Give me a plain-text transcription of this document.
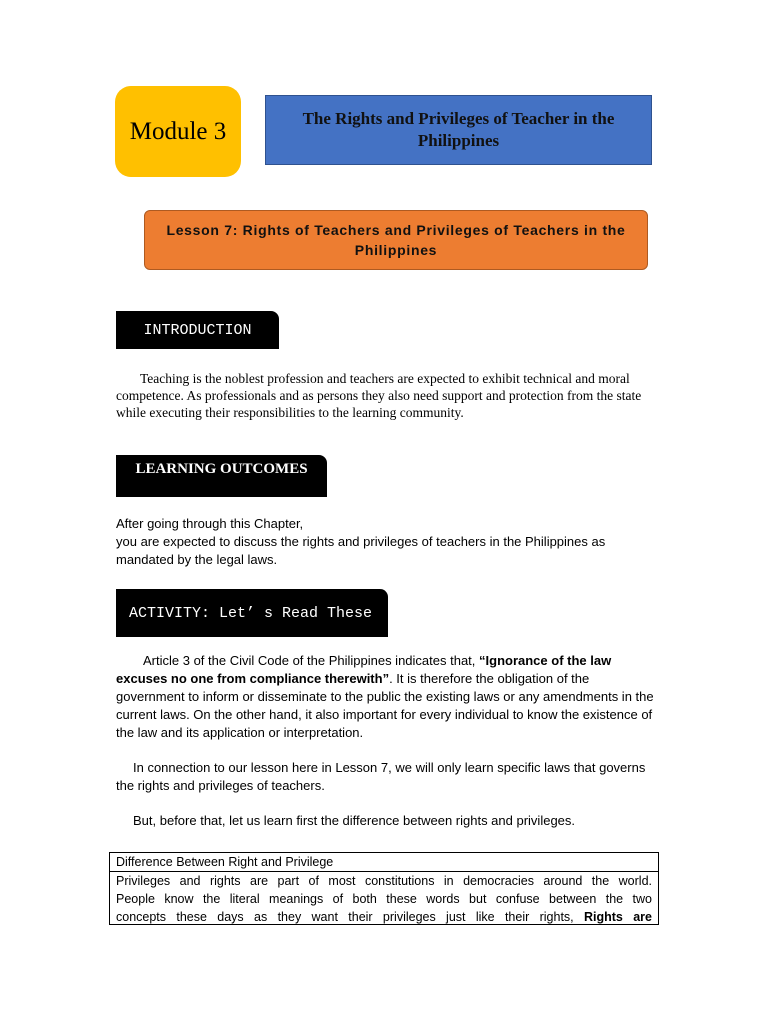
Module 3	The Rights and Privileges of Teacher in the Philippines
Lesson 7: Rights of Teachers and Privileges of Teachers in the Philippines
INTRODUCTION
Teaching is the noblest profession and teachers are expected to exhibit technical and moral competence. As professionals and as persons they also need support and protection from the state while executing their responsibilities to the learning community.
LEARNING OUTCOMES
After going through this Chapter,
you are expected to discuss the rights and privileges of teachers in the Philippines as mandated by the legal laws.
ACTIVITY: Let’ s Read These
Article 3 of the Civil Code of the Philippines indicates that, “Ignorance of the law excuses no one from compliance therewith”. It is therefore the obligation of the government to inform or disseminate to the public the existing laws or any amendments in the current laws. On the other hand, it also important for every individual to know the existence of the law and its application or interpretation.
In connection to our lesson here in Lesson 7, we will only learn specific laws that governs the rights and privileges of teachers.
But, before that, let us learn first the difference between rights and privileges.
Difference Between Right and Privilege
Privileges and rights are part of most constitutions in democracies around the world.
People know the literal meanings of both these words but confuse between the two
concepts these days as they want their privileges just like their rights, Rights are
